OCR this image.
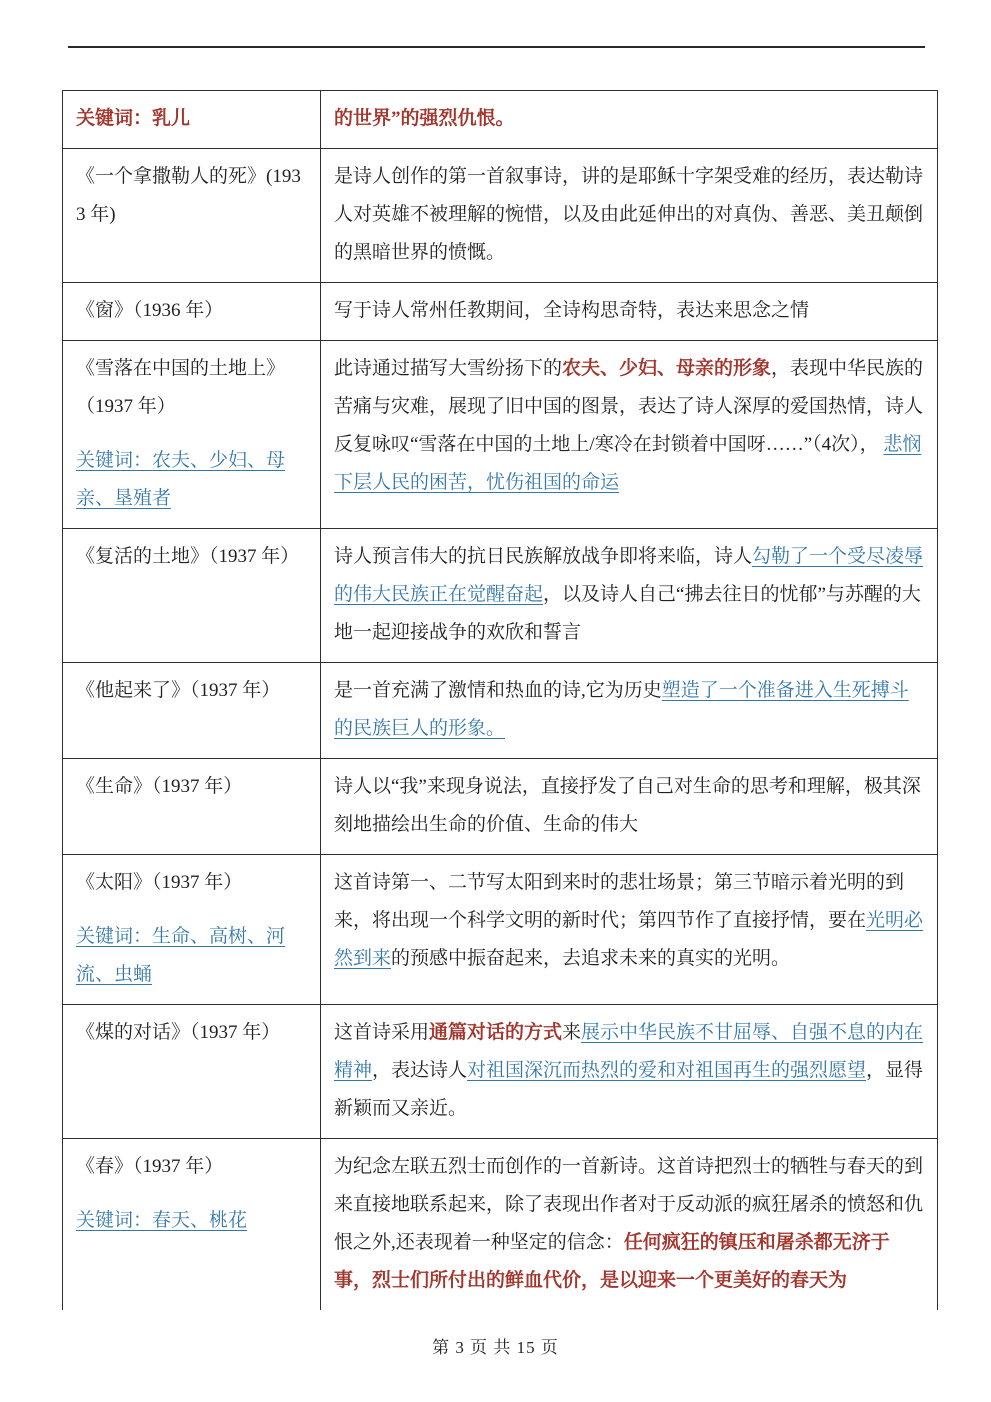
关键词：乳儿	的世界”的强烈仇恨。

《一个拿撒勒人的死》(1933 年)	是诗人创作的第一首叙事诗，讲的是耶稣十字架受难的经历，表达勒诗人对英雄不被理解的惋惜，以及由此延伸出的对真伪、善恶、美丑颠倒的黑暗世界的愤慨。

《窗》（1936 年）	写于诗人常州任教期间，全诗构思奇特，表达来思念之情

《雪落在中国的土地上》
（1937 年）
关键词：农夫、少妇、母亲、垦殖者	此诗通过描写大雪纷扬下的农夫、少妇、母亲的形象，表现中华民族的苦痛与灾难，展现了旧中国的图景，表达了诗人深厚的爱国热情，诗人反复咏叹“雪落在中国的土地上/寒冷在封锁着中国呀……”（4次）， 悲悯下层人民的困苦，忧伤祖国的命运

《复活的土地》（1937 年）	诗人预言伟大的抗日民族解放战争即将来临，诗人勾勒了一个受尽凌辱的伟大民族正在觉醒奋起，以及诗人自己“拂去往日的忧郁”与苏醒的大地一起迎接战争的欢欣和誓言

《他起来了》（1937 年）	是一首充满了激情和热血的诗,它为历史塑造了一个准备进入生死搏斗的民族巨人的形象。

《生命》（1937 年）	诗人以“我”来现身说法，直接抒发了自己对生命的思考和理解，极其深刻地描绘出生命的价值、生命的伟大

《太阳》（1937 年）
关键词：生命、高树、河流、虫蛹	这首诗第一、二节写太阳到来时的悲壮场景；第三节暗示着光明的到来，将出现一个科学文明的新时代；第四节作了直接抒情，要在光明必然到来的预感中振奋起来，去追求未来的真实的光明。

《煤的对话》（1937 年）	这首诗采用通篇对话的方式来展示中华民族不甘屈辱、自强不息的内在精神，表达诗人对祖国深沉而热烈的爱和对祖国再生的强烈愿望，显得新颖而又亲近。

《春》（1937 年）
关键词：春天、桃花	为纪念左联五烈士而创作的一首新诗。这首诗把烈士的牺牲与春天的到来直接地联系起来，除了表现出作者对于反动派的疯狂屠杀的愤怒和仇恨之外,还表现着一种坚定的信念：任何疯狂的镇压和屠杀都无济于事，烈士们所付出的鲜血代价，是以迎来一个更美好的春天为
第 3 页 共 15 页
